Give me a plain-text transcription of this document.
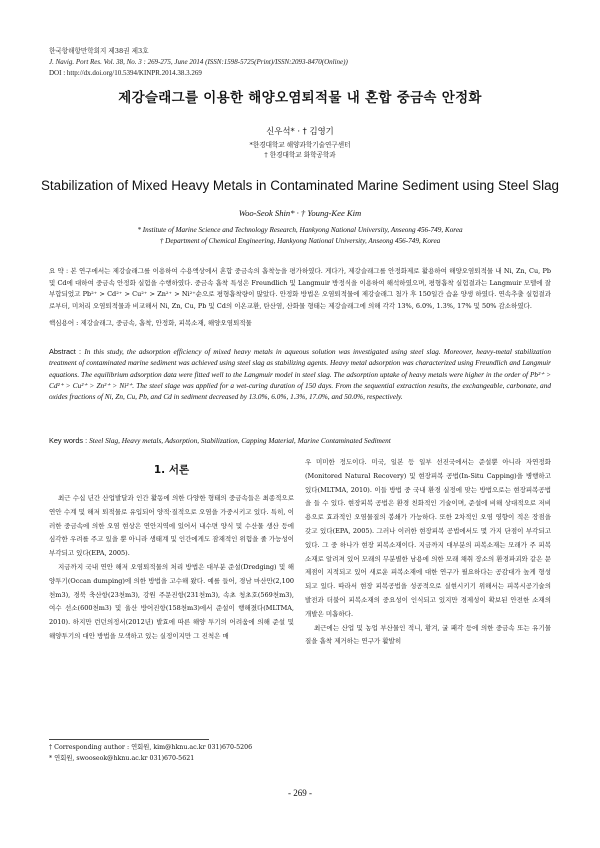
한국항해항만학회지 제38권 제3호
J. Navig. Port Res. Vol. 38, No. 3 : 269-275, June 2014 (ISSN:1598-5725(Print)/ISSN:2093-8470(Online))
DOI : http://dx.doi.org/10.5394/KINPR.2014.38.3.269
제강슬래그를 이용한 해양오염퇴적물 내 혼합 중금속 안정화
신우석* · † 김영기
*한경대학교 해양과학기술연구센터
† 한경대학교 화학공학과
Stabilization of Mixed Heavy Metals in Contaminated Marine Sediment using Steel Slag
Woo-Seok Shin* · † Young-Kee Kim
* Institute of Marine Science and Technology Research, Hankyong National University, Anseong 456-749, Korea
† Department of Chemical Engineering, Hankyong National University, Anseong 456-749, Korea
요 약 : 본 연구에서는 제강슬래그를 이용하여 수용액상에서 혼합 중금속의 흡착능을 평가하였다. 게다가, 제강슬래그를 안정화제로 활용하여 해양오염퇴적물 내 Ni, Zn, Cu, Pb 및 Cd에 대하여 중금속 안정화 실험을 수행하였다. 중금속 흡착 특성은 Freundlich 및 Langmuir 방정식을 이용하여 해석하였으며, 평형흡착 실험결과는 Langmuir 모델에 잘 부합되었고 Pb²⁺ > Cd²⁺ > Cu²⁺ > Zn²⁺ > Ni²⁺순으로 평형흡착량이 많았다. 안정화 방법은 오염퇴적물에 제강슬래그 첨가 후 150일간 습윤 양생 하였다. 연속추출 실험결과로부터, 미처리 오염퇴적물과 비교해서 Ni, Zn, Cu, Pb 및 Cd의 이온교환, 탄산염, 산화물 형태는 제강슬래그에 의해 각각 13%, 6.0%, 1.3%, 17% 및 50% 감소하였다.
핵심용어 : 제강슬래그, 중금속, 흡착, 안정화, 피복소재, 해양오염퇴적물
Abstract : In this study, the adsorption efficiency of mixed heavy metals in aqueous solution was investigated using steel slag. Moreover, heavy-metal stabilization treatment of contaminated marine sediment was achieved using steel slag as stabilizing agents. Heavy metal adsorption was characterized using Freundlich and Langmuir equations. The equilibrium adsorption data were fitted well to the Langmuir model in steel slag. The adsorption uptake of heavy metals were higher in the order of Pb²⁺ > Cd²⁺ > Cu²⁺ > Zn²⁺ > Ni²⁺. The steel slage was applied for a wet-curing duration of 150 days. From the sequential extraction results, the exchangeable, carbonate, and oxides fractions of Ni, Zn, Cu, Pb, and Cd in sediment decreased by 13.0%, 6.0%, 1.3%, 17.0%, and 50.0%, respectively.
Key words : Steel Slag, Heavy metals, Adsorption, Stabilization, Capping Material, Marine Contaminated Sediment
1. 서론

최근 수십 년간 산업발달과 인간 활동에 의한 다양한 형태의 중금속들은 최종적으로 연안 수계 및 해저 퇴적물로 유입되어 양적·질적으로 오염을 가중시키고 있다. 특히, 이러한 중금속에 의한 오염 현상은 연안지역에 있어서 내수면 양식 및 수산물 생산 등에 심각한 우려를 주고 있을 뿐 아니라 생태계 및 인간에게도 잠재적인 위험을 줄 가능성이 부각되고 있다(EPA, 2005).

지금까지 국내 연안 해저 오염퇴적물의 처리 방법은 대부분 준설(Dredging) 및 해양투기(Occan dumping)에 의한 방법을 고수해 왔다. 예를 들어, 경남 마산만(2,100천m3), 경북 축산항(23천m3), 강원 주문진항(231천m3), 속초 청초호(569천m3), 여수 선소(600천m3) 및 울산 방어진항(158천m3)에서 준설이 행해졌다(MLTMA, 2010). 하지만 런던의정서(2012년) 발효에 따른 해양 투기의 어려움에 의해 준설 및 해양투기의 대안 방법을 모색하고 있는 실정이지만 그 진척은 매

우 미미한 정도이다. 미국, 일본 등 일부 선진국에서는 준설뿐 아니라 자연정화(Monitored Natural Recovery) 및 현장피복 공법(In-Situ Capping)을 병행하고 있다(MLTMA, 2010). 이들 방법 중 국내 환경 실정에 맞는 방법으로는 현장피복공법을 들 수 있다. 현장피복 공법은 환경 친화적인 기술이며, 준설에 비해 상대적으로 저비용으로 효과적인 오염물질의 봉쇄가 가능하다. 또한 2차적인 오염 영향이 적은 장점을 갖고 있다(EPA, 2005). 그러나 이러한 현장피복 공법에서도 몇 가지 단점이 부각되고 있다. 그 중 하나가 현장 피복소재이다. 지금까지 대부분의 피복소재는 모래가 주 피복소재로 알려져 있어 모래의 무분별한 남용에 의한 모래 채취 장소의 환경파괴와 같은 문제점이 지적되고 있어 새로운 피복소재에 대한 연구가 필요하다는 공감대가 높게 형성되고 있다. 따라서 현장 피복공법을 성공적으로 실현시키기 위해서는 피복시공기술의 발전과 더불어 피복소재의 중요성이 인식되고 있지만 경제성이 확보된 안전한 소재의 개발은 미흡하다.

최근에는 산업 및 농업 부산물인 적니, 황겨, 굴 패각 등에 의한 중금속 또는 유기물질을 흡착 제거하는 연구가 활발히

† Corresponding author : 연회원, kim@hknu.ac.kr 031)670-5206
* 연회원, swooseok@hknu.ac.kr 031)670-5621
- 269 -
